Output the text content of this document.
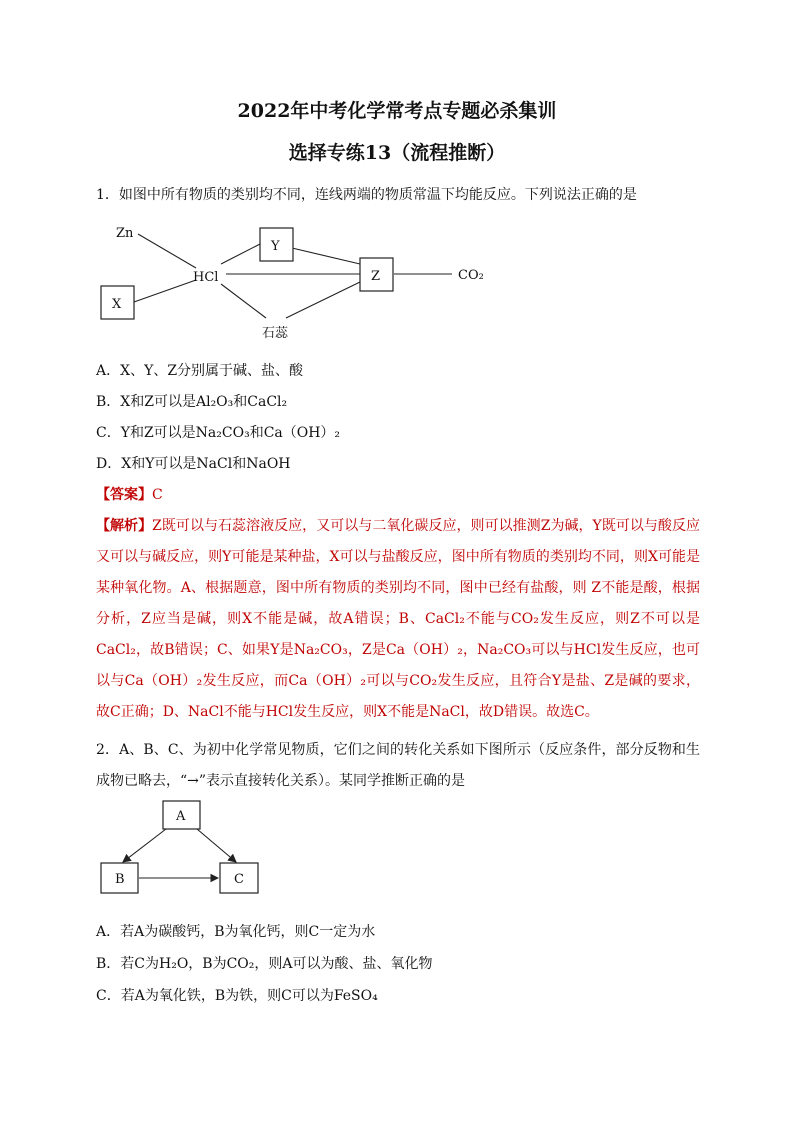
2022年中考化学常考点专题必杀集训
选择专练13（流程推断）
1．如图中所有物质的类别均不同，连线两端的物质常温下均能反应。下列说法正确的是
Zn
HCl
X
Y
Z	CO₂
石蕊
A．X、Y、Z分别属于碱、盐、酸
B．X和Z可以是Al₂O₃和CaCl₂
C．Y和Z可以是Na₂CO₃和Ca（OH）₂
D．X和Y可以是NaCl和NaOH
【答案】C
【解析】Z既可以与石蕊溶液反应，又可以与二氧化碳反应，则可以推测Z为碱，Y既可以与酸反应又可以与碱反应，则Y可能是某种盐，X可以与盐酸反应，图中所有物质的类别均不同，则X可能是某种氧化物。A、根据题意，图中所有物质的类别均不同，图中已经有盐酸，则 Z不能是酸，根据分析，Z应当是碱，则X不能是碱，故A错误；B、CaCl₂不能与CO₂发生反应，则Z不可以是CaCl₂，故B错误；C、如果Y是Na₂CO₃，Z是Ca（OH）₂，Na₂CO₃可以与HCl发生反应，也可以与Ca（OH）₂发生反应，而Ca（OH）₂可以与CO₂发生反应，且符合Y是盐、Z是碱的要求，故C正确；D、NaCl不能与HCl发生反应，则X不能是NaCl，故D错误。故选C。
2．A、B、C、为初中化学常见物质，它们之间的转化关系如下图所示（反应条件，部分反物和生成物已略去，“→”表示直接转化关系）。某同学推断正确的是
A
B	C
A．若A为碳酸钙，B为氧化钙，则C一定为水
B．若C为H₂O，B为CO₂，则A可以为酸、盐、氧化物
C．若A为氧化铁，B为铁，则C可以为FeSO₄
